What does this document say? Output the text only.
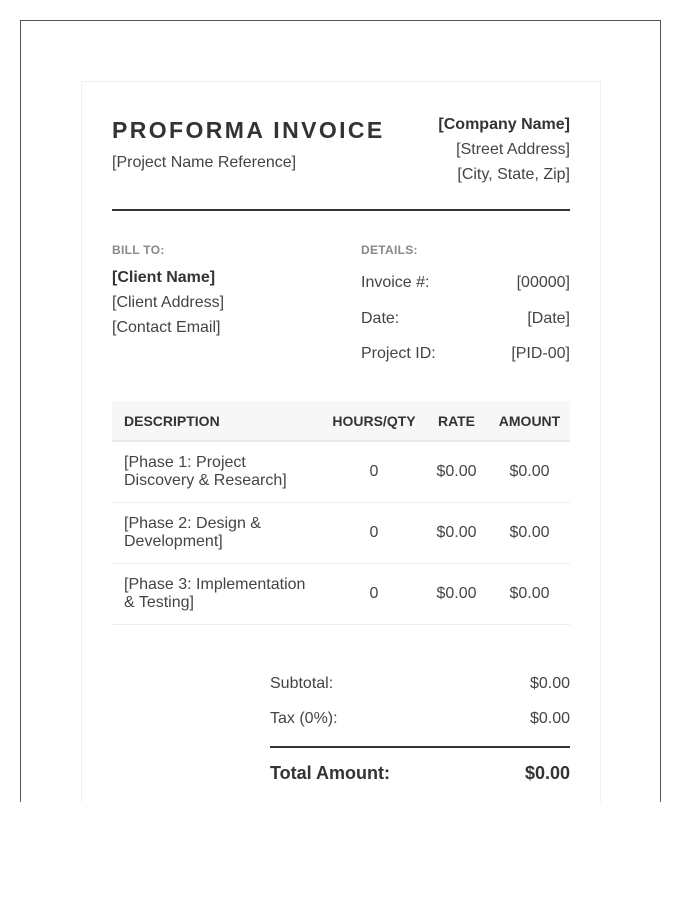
PROFORMA INVOICE
[Project Name Reference]
[Company Name]
[Street Address]
[City, State, Zip]
BILL TO:
[Client Name]
[Client Address]
[Contact Email]
DETAILS:
Invoice #:	[00000]
Date:	[Date]
Project ID:	[PID-00]
DESCRIPTION	HOURS/QTY	RATE	AMOUNT
[Phase 1: Project Discovery & Research]	0	$0.00	$0.00
[Phase 2: Design & Development]	0	$0.00	$0.00
[Phase 3: Implementation & Testing]	0	$0.00	$0.00
Subtotal:	$0.00
Tax (0%):	$0.00
Total Amount:	$0.00
